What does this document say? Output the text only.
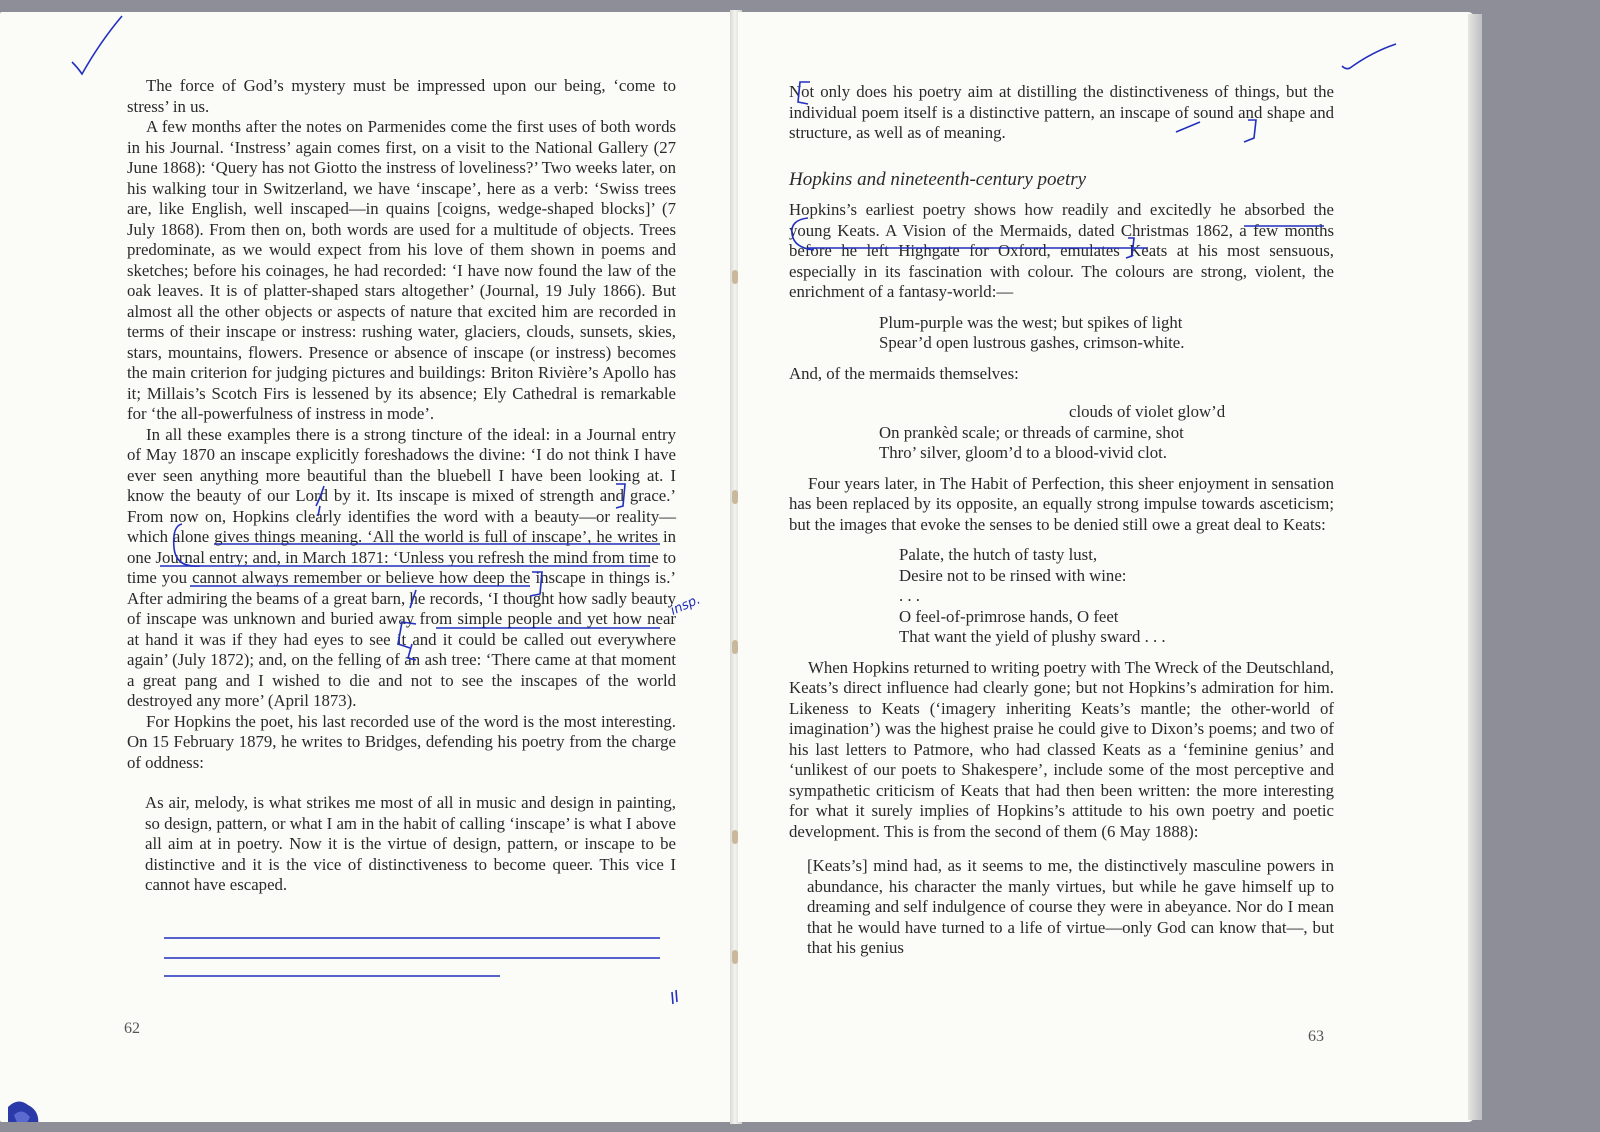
The force of God’s mystery must be impressed upon our being, ‘come to stress’ in us.

A few months after the notes on Parmenides come the first uses of both words in his Journal. ‘Instress’ again comes first, on a visit to the National Gallery (27 June 1868): ‘Query has not Giotto the instress of loveliness?’ Two weeks later, on his walking tour in Switzerland, we have ‘inscape’, here as a verb: ‘Swiss trees are, like English, well inscaped—in quains [coigns, wedge-shaped blocks]’ (7 July 1868). From then on, both words are used for a multitude of objects. Trees predominate, as we would expect from his love of them shown in poems and sketches; before his coinages, he had recorded: ‘I have now found the law of the oak leaves. It is of platter-shaped stars altogether’ (Journal, 19 July 1866). But almost all the other objects or aspects of nature that excited him are recorded in terms of their inscape or instress: rushing water, glaciers, clouds, sunsets, skies, stars, mountains, flowers. Presence or absence of inscape (or instress) becomes the main criterion for judging pictures and buildings: Briton Rivière’s Apollo has it; Millais’s Scotch Firs is lessened by its absence; Ely Cathedral is remarkable for ‘the all-powerfulness of instress in mode’.

In all these examples there is a strong tincture of the ideal: in a Journal entry of May 1870 an inscape explicitly foreshadows the divine: ‘I do not think I have ever seen anything more beautiful than the bluebell I have been looking at. I know the beauty of our Lord by it. Its inscape is mixed of strength and grace.’ From now on, Hopkins clearly identifies the word with a beauty—or reality—which alone gives things meaning. ‘All the world is full of inscape’, he writes in one Journal entry; and, in March 1871: ‘Unless you refresh the mind from time to time you cannot always remember or believe how deep the inscape in things is.’ After admiring the beams of a great barn, he records, ‘I thought how sadly beauty of inscape was unknown and buried away from simple people and yet how near at hand it was if they had eyes to see it and it could be called out everywhere again’ (July 1872); and, on the felling of an ash tree: ‘There came at that moment a great pang and I wished to die and not to see the inscapes of the world destroyed any more’ (April 1873).

For Hopkins the poet, his last recorded use of the word is the most interesting. On 15 February 1879, he writes to Bridges, defending his poetry from the charge of oddness:

As air, melody, is what strikes me most of all in music and design in painting, so design, pattern, or what I am in the habit of calling ‘inscape’ is what I above all aim at in poetry. Now it is the virtue of design, pattern, or inscape to be distinctive and it is the vice of distinctiveness to become queer. This vice I cannot have escaped.

insp.
62

Not only does his poetry aim at distilling the distinctiveness of things, but the individual poem itself is a distinctive pattern, an inscape of sound and shape and structure, as well as of meaning.

Hopkins and nineteenth-century poetry

Hopkins’s earliest poetry shows how readily and excitedly he absorbed the young Keats. A Vision of the Mermaids, dated Christmas 1862, a few months before he left Highgate for Oxford, emulates Keats at his most sensuous, especially in its fascination with colour. The colours are strong, violent, the enrichment of a fantasy-world:—

Plum-purple was the west; but spikes of light
Spear’d open lustrous gashes, crimson-white.

And, of the mermaids themselves:

clouds of violet glow’d
On prankèd scale; or threads of carmine, shot
Thro’ silver, gloom’d to a blood-vivid clot.

Four years later, in The Habit of Perfection, this sheer enjoyment in sensation has been replaced by its opposite, an equally strong impulse towards asceticism; but the images that evoke the senses to be denied still owe a great deal to Keats:

Palate, the hutch of tasty lust,
Desire not to be rinsed with wine:
. . .
O feel-of-primrose hands, O feet
That want the yield of plushy sward . . .

When Hopkins returned to writing poetry with The Wreck of the Deutschland, Keats’s direct influence had clearly gone; but not Hopkins’s admiration for him. Likeness to Keats (‘imagery inheriting Keats’s mantle; the other-world of imagination’) was the highest praise he could give to Dixon’s poems; and two of his last letters to Patmore, who had classed Keats as a ‘feminine genius’ and ‘unlikest of our poets to Shakespere’, include some of the most perceptive and sympathetic criticism of Keats that had then been written: the more interesting for what it surely implies of Hopkins’s attitude to his own poetry and poetic development. This is from the second of them (6 May 1888):

[Keats’s] mind had, as it seems to me, the distinctively masculine powers in abundance, his character the manly virtues, but while he gave himself up to dreaming and self indulgence of course they were in abeyance. Nor do I mean that he would have turned to a life of virtue—only God can know that—, but that his genius

63
